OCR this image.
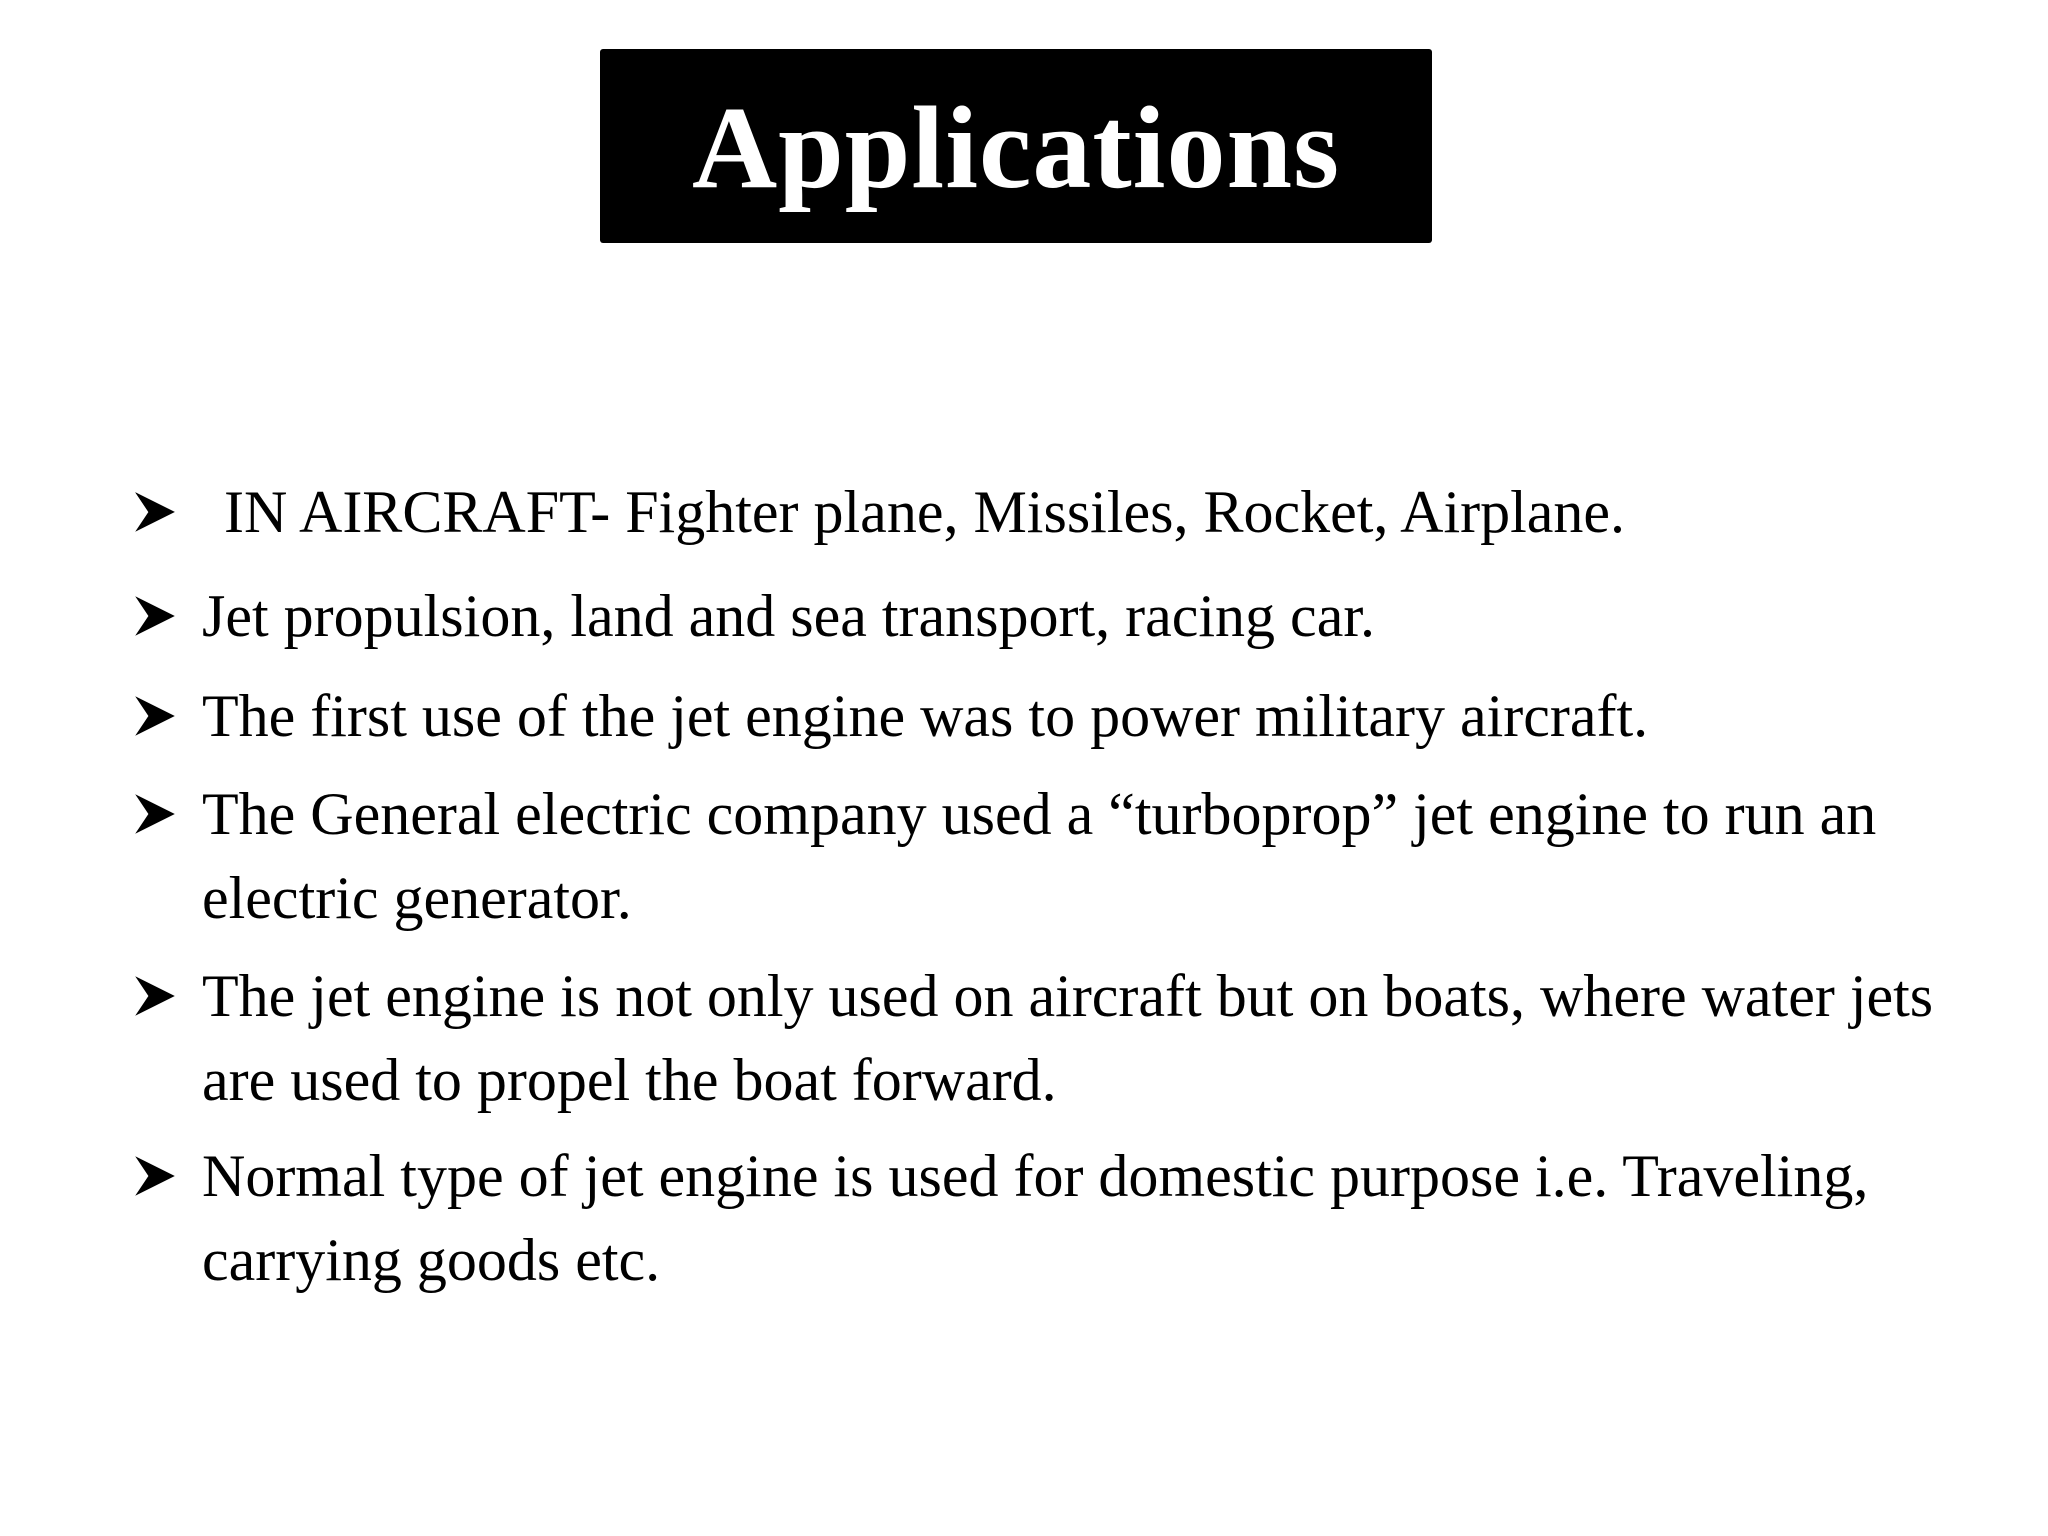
Applications
IN AIRCRAFT- Fighter plane, Missiles, Rocket, Airplane.
Jet propulsion, land and sea transport, racing car.
The first use of the jet engine was to power military aircraft.
The General electric company used a “turboprop” jet engine to run an electric generator.
The jet engine is not only used on aircraft but on boats, where water jets are used to propel the boat forward.
Normal type of jet engine is used for domestic purpose i.e. Traveling, carrying goods etc.
